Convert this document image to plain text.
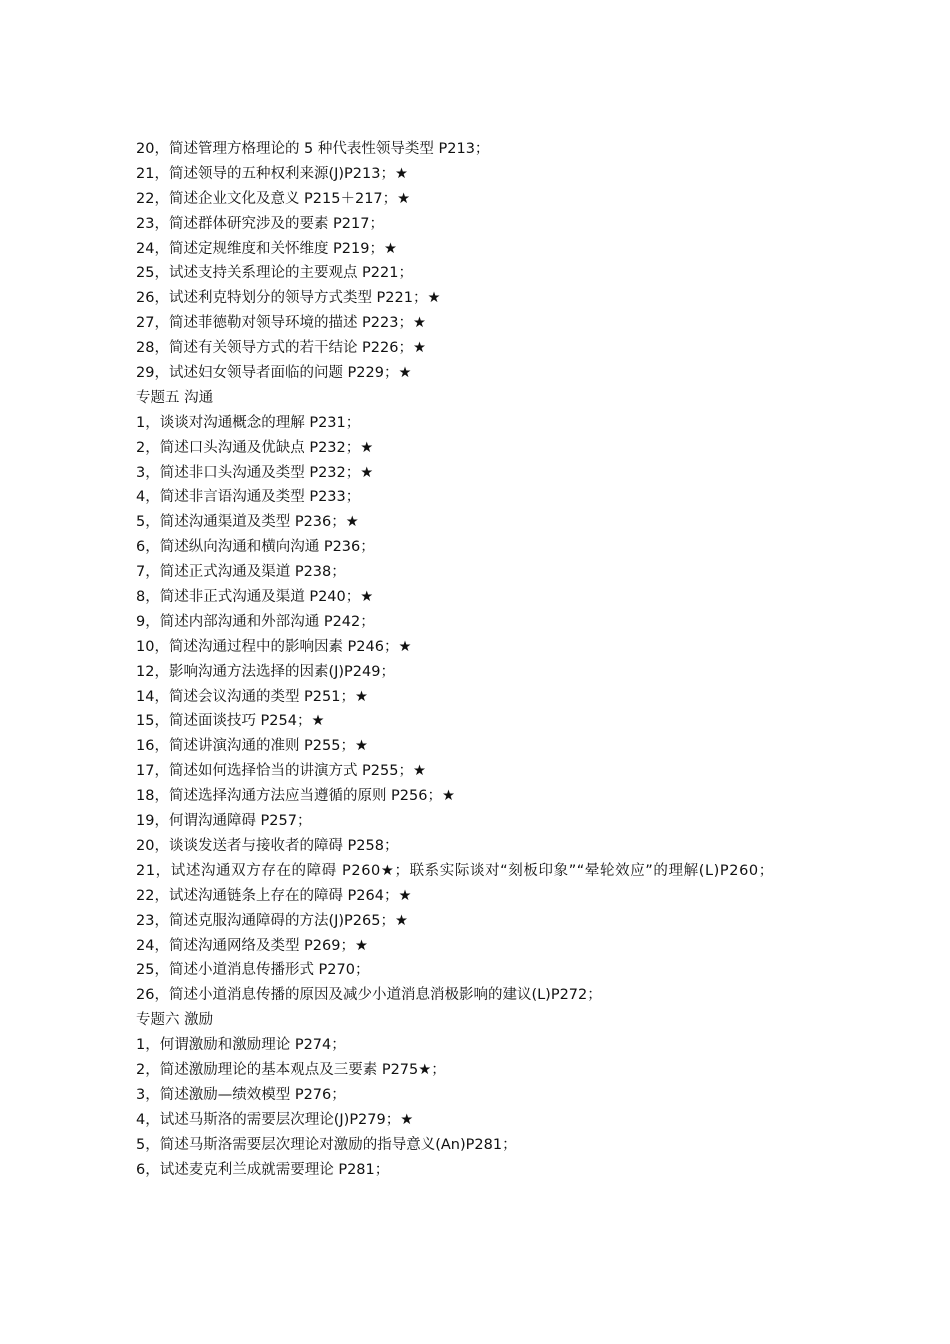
20，简述管理方格理论的 5 种代表性领导类型 P213；
21，简述领导的五种权利来源(J)P213；★
22，简述企业文化及意义 P215＋217；★
23，简述群体研究涉及的要素 P217；
24，简述定规维度和关怀维度 P219；★
25，试述支持关系理论的主要观点 P221；
26，试述利克特划分的领导方式类型 P221；★
27，简述菲德勒对领导环境的描述 P223；★
28，简述有关领导方式的若干结论 P226；★
29，试述妇女领导者面临的问题 P229；★
专题五 沟通
1，谈谈对沟通概念的理解 P231；
2，简述口头沟通及优缺点 P232；★
3，简述非口头沟通及类型 P232；★
4，简述非言语沟通及类型 P233；
5，简述沟通渠道及类型 P236；★
6，简述纵向沟通和横向沟通 P236；
7，简述正式沟通及渠道 P238；
8，简述非正式沟通及渠道 P240；★
9，简述内部沟通和外部沟通 P242；
10，简述沟通过程中的影响因素 P246；★
12，影响沟通方法选择的因素(J)P249；
14，简述会议沟通的类型 P251；★
15，简述面谈技巧 P254；★
16，简述讲演沟通的准则 P255；★
17，简述如何选择恰当的讲演方式 P255；★
18，简述选择沟通方法应当遵循的原则 P256；★
19，何谓沟通障碍 P257；
20，谈谈发送者与接收者的障碍 P258；
21，试述沟通双方存在的障碍 P260★；联系实际谈对“刻板印象”“晕轮效应”的理解(L)P260；
22，试述沟通链条上存在的障碍 P264；★
23，简述克服沟通障碍的方法(J)P265；★
24，简述沟通网络及类型 P269；★
25，简述小道消息传播形式 P270；
26，简述小道消息传播的原因及减少小道消息消极影响的建议(L)P272；
专题六 激励
1，何谓激励和激励理论 P274；
2，简述激励理论的基本观点及三要素 P275★；
3，简述激励—绩效模型 P276；
4，试述马斯洛的需要层次理论(J)P279；★
5，简述马斯洛需要层次理论对激励的指导意义(An)P281；
6，试述麦克利兰成就需要理论 P281；
